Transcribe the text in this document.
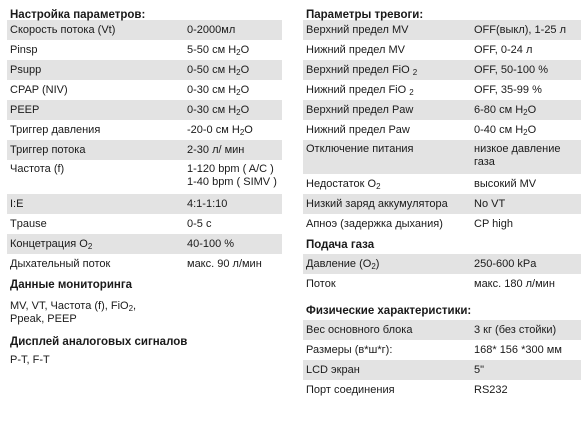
Настройка параметров:
Скорость потока (Vt)	0-2000мл
Pinsp	5-50 см $H_2O$
Psupp	0-50 см $H_2O$
CPAP (NIV)	0-30 см $H_2O$
PEEP	0-30 см $H_2O$
Триггер давления	-20-0 см $H_2O$
Триггер потока	2-30 л/ мин
Частота (f)	1-120 bpm ( A/C )
1-40 bpm ( SIMV )
I:E	4:1-1:10
Tpause	0-5 с
Концетрация $O_2$	40-100 %
Дыхательный поток	макс. 90 л/мин
Данные мониторинга
MV, VT, Частота (f), FiO$_2$,
Ppeak, PEEP
Дисплей аналоговых сигналов
P-T, F-T
Параметры тревоги:
Верхний предел MV	OFF(выкл), 1-25 л
Нижний предел MV	OFF, 0-24 л
Верхний предел FiO $_2$	OFF, 50-100 %
Нижний предел FiO $_2$	OFF, 35-99 %
Верхний предел Paw	6-80 см $H_2O$
Нижний предел Paw	0-40 см $H_2O$
Отключение питания	низкое давление
газа
Недостаток $O_2$	высокий MV
Низкий заряд аккумулятора	No VT
Апноэ (задержка дыхания)	CP high
Подача газа
Давление $(O_2)$	250-600 kPa
Поток	макс. 180 л/мин
Физические характеристики:
Вес основного блока	3 кг (без стойки)
Размеры (в*ш*г):	168* 156 *300 мм
LCD экран	5"
Порт соединения	RS232
